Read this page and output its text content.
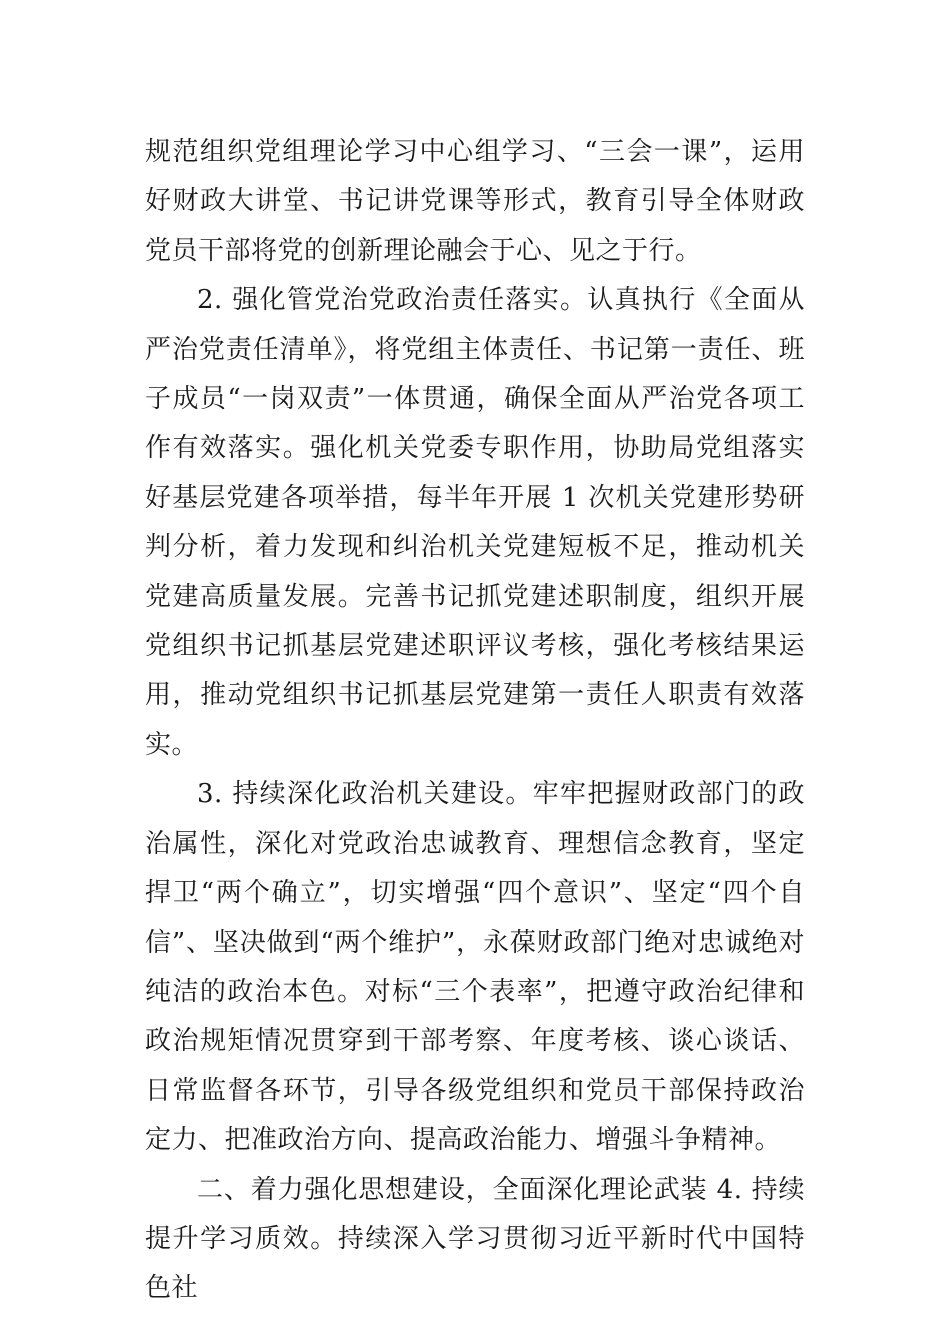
规范组织党组理论学习中心组学习、“三会一课”，运用好财政大讲堂、书记讲党课等形式，教育引导全体财政党员干部将党的创新理论融会于心、见之于行。

2. 强化管党治党政治责任落实。认真执行《全面从严治党责任清单》，将党组主体责任、书记第一责任、班子成员“一岗双责”一体贯通，确保全面从严治党各项工作有效落实。强化机关党委专职作用，协助局党组落实好基层党建各项举措，每半年开展 1 次机关党建形势研判分析，着力发现和纠治机关党建短板不足，推动机关党建高质量发展。完善书记抓党建述职制度，组织开展党组织书记抓基层党建述职评议考核，强化考核结果运用，推动党组织书记抓基层党建第一责任人职责有效落实。

3. 持续深化政治机关建设。牢牢把握财政部门的政治属性，深化对党政治忠诚教育、理想信念教育，坚定捍卫“两个确立”，切实增强“四个意识”、坚定“四个自信”、坚决做到“两个维护”，永葆财政部门绝对忠诚绝对纯洁的政治本色。对标“三个表率”，把遵守政治纪律和政治规矩情况贯穿到干部考察、年度考核、谈心谈话、日常监督各环节，引导各级党组织和党员干部保持政治定力、把准政治方向、提高政治能力、增强斗争精神。

二、着力强化思想建设，全面深化理论武装 4. 持续提升学习质效。持续深入学习贯彻习近平新时代中国特色社
